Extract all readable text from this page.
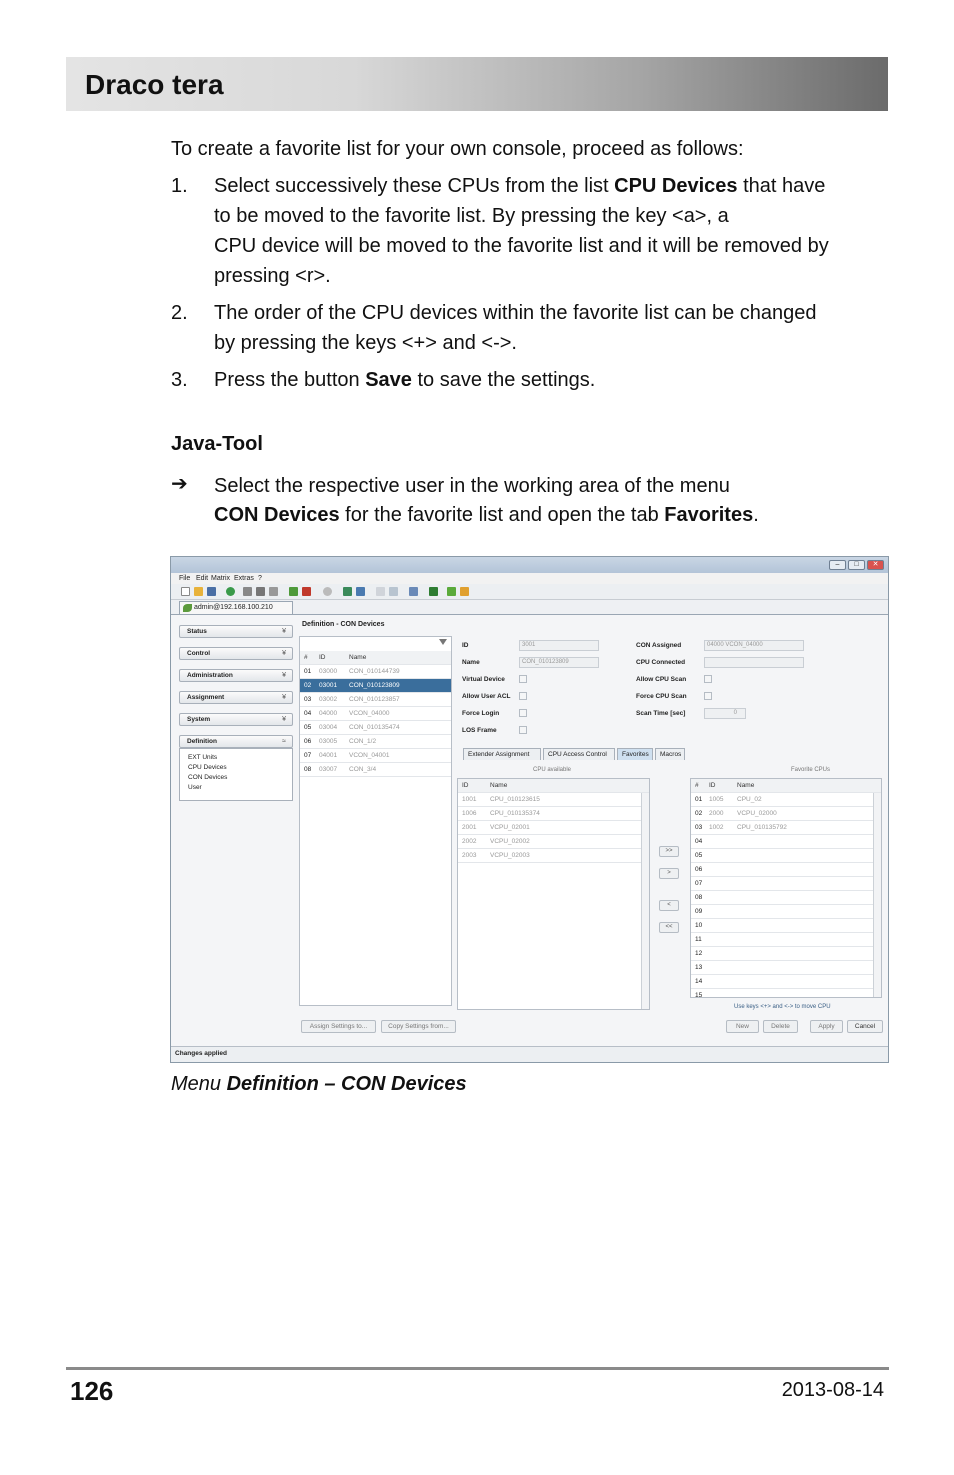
Draco tera
To create a favorite list for your own console, proceed as follows:
1. Select successively these CPUs from the list CPU Devices that have
to be moved to the favorite list. By pressing the key <a>, a
CPU device will be moved to the favorite list and it will be removed by
pressing <r>.
2. The order of the CPU devices within the favorite list can be changed
by pressing the keys <+> and <->.
3. Press the button Save to save the settings.
Java-Tool
➔ Select the respective user in the working area of the menu
CON Devices for the favorite list and open the tab Favorites.
–	□	✕
File Edit Matrix Extras ?
admin@192.168.100.210
Status	¥
Control	¥
Administration	¥
Assignment	¥
System	¥
Definition	≈
EXT Units
CPU Devices
CON Devices
User
Definition - CON Devices
# ID	Name
01 03000 CON_010144739
02 03001 CON_010123809
03 03002 CON_010123857
04 04000 VCON_04000
05 03004 CON_010135474
06 03005 CON_1/2
07 04001 VCON_04001
08 03007 CON_3/4
ID	3001
Name	CON_010123809
Virtual Device
Allow User ACL
Force Login
LOS Frame
CON Assigned	04000 VCON_04000
CPU Connected
Allow CPU Scan
Force CPU Scan
Scan Time [sec]	0
Extender Assignment	CPU Access Control	Favorites	Macros
CPU available
ID	Name
1001 CPU_010123615
1006 CPU_010135374
2001 VCPU_02001
2002 VCPU_02002
2003 VCPU_02003
>>
>
<
<<
Favorite CPUs
# ID	Name
01 1005 CPU_02
02 2000 VCPU_02000
03 1002 CPU_010135792
04
05
06
07
08
09
10
11
12
13
14
15
Use keys <+> and <-> to move CPU
Assign Settings to...	Copy Settings from...	New	Delete	Apply	Cancel
Changes applied
Menu Definition – CON Devices
126	2013-08-14
